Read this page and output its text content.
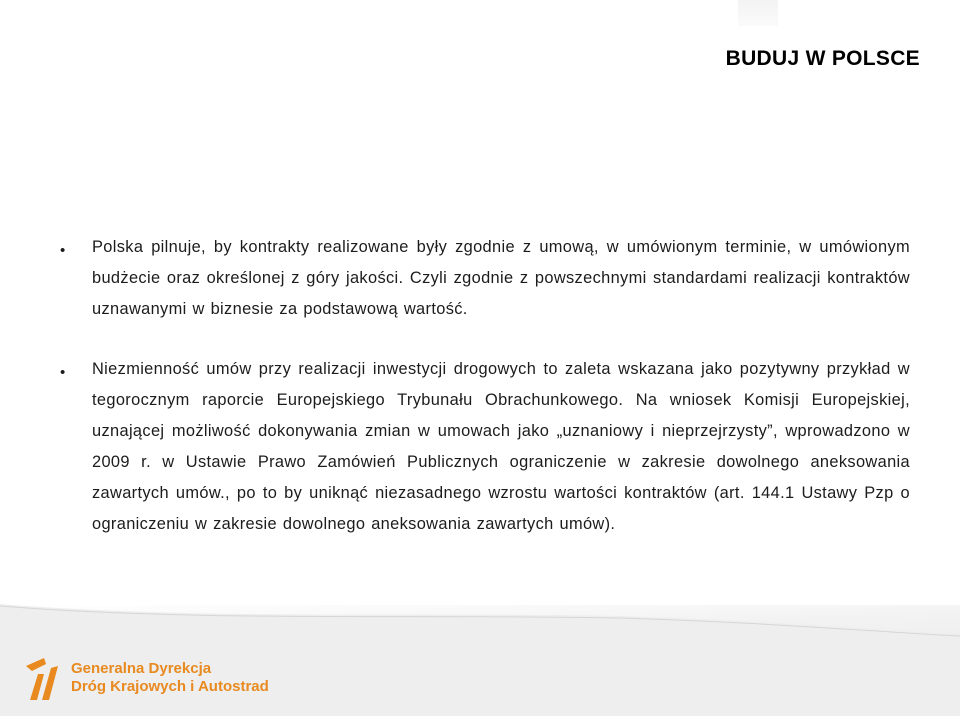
BUDUJ W POLSCE
• Polska pilnuje, by kontrakty realizowane były zgodnie z umową, w umówionym terminie, w umówionym budżecie oraz określonej z góry jakości. Czyli zgodnie z powszechnymi standardami realizacji kontraktów uznawanymi w biznesie za podstawową wartość.
• Niezmienność umów przy realizacji inwestycji drogowych to zaleta wskazana jako pozytywny przykład w tegorocznym raporcie Europejskiego Trybunału Obrachunkowego. Na wniosek Komisji Europejskiej, uznającej możliwość dokonywania zmian w umowach jako „uznaniowy i nieprzejrzysty”, wprowadzono w 2009 r. w Ustawie Prawo Zamówień Publicznych ograniczenie w zakresie dowolnego aneksowania zawartych umów., po to by uniknąć niezasadnego wzrostu wartości kontraktów (art. 144.1 Ustawy Pzp o ograniczeniu w zakresie dowolnego aneksowania zawartych umów).
Generalna Dyrekcja
Dróg Krajowych i Autostrad
